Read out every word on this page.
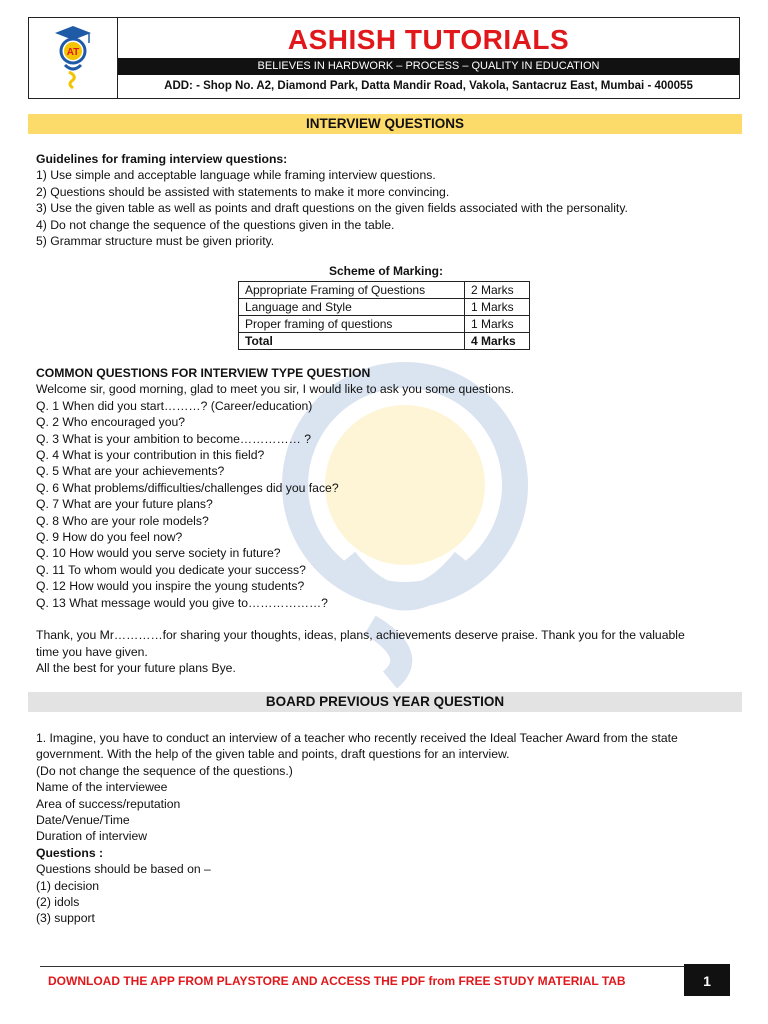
AT	ASHISH TUTORIALS
BELIEVES IN HARDWORK – PROCESS – QUALITY IN EDUCATION
ADD: - Shop No. A2, Diamond Park, Datta Mandir Road, Vakola, Santacruz East, Mumbai - 400055
INTERVIEW QUESTIONS
Guidelines for framing interview questions:
1) Use simple and acceptable language while framing interview questions.
2) Questions should be assisted with statements to make it more convincing.
3) Use the given table as well as points and draft questions on the given fields associated with the personality.
4) Do not change the sequence of the questions given in the table.
5) Grammar structure must be given priority.
Scheme of Marking:
Appropriate Framing of Questions	2 Marks
Language and Style	1 Marks
Proper framing of questions	1 Marks
Total	4 Marks
COMMON QUESTIONS FOR INTERVIEW TYPE QUESTION
Welcome sir, good morning, glad to meet you sir, I would like to ask you some questions.
Q. 1 When did you start………? (Career/education)
Q. 2 Who encouraged you?
Q. 3 What is your ambition to become…………… ?
Q. 4 What is your contribution in this field?
Q. 5 What are your achievements?
Q. 6 What problems/difficulties/challenges did you face?
Q. 7 What are your future plans?
Q. 8 Who are your role models?
Q. 9 How do you feel now?
Q. 10 How would you serve society in future?
Q. 11 To whom would you dedicate your success?
Q. 12 How would you inspire the young students?
Q. 13 What message would you give to………………?
Thank, you Mr…………for sharing your thoughts, ideas, plans, achievements deserve praise. Thank you for the valuable
time you have given.
All the best for your future plans Bye.
BOARD PREVIOUS YEAR QUESTION
1. Imagine, you have to conduct an interview of a teacher who recently received the Ideal Teacher Award from the state
government. With the help of the given table and points, draft questions for an interview.
(Do not change the sequence of the questions.)
Name of the interviewee
Area of success/reputation
Date/Venue/Time
Duration of interview
Questions :
Questions should be based on –
(1) decision
(2) idols
(3) support
DOWNLOAD THE APP FROM PLAYSTORE AND ACCESS THE PDF from FREE STUDY MATERIAL TAB	1
